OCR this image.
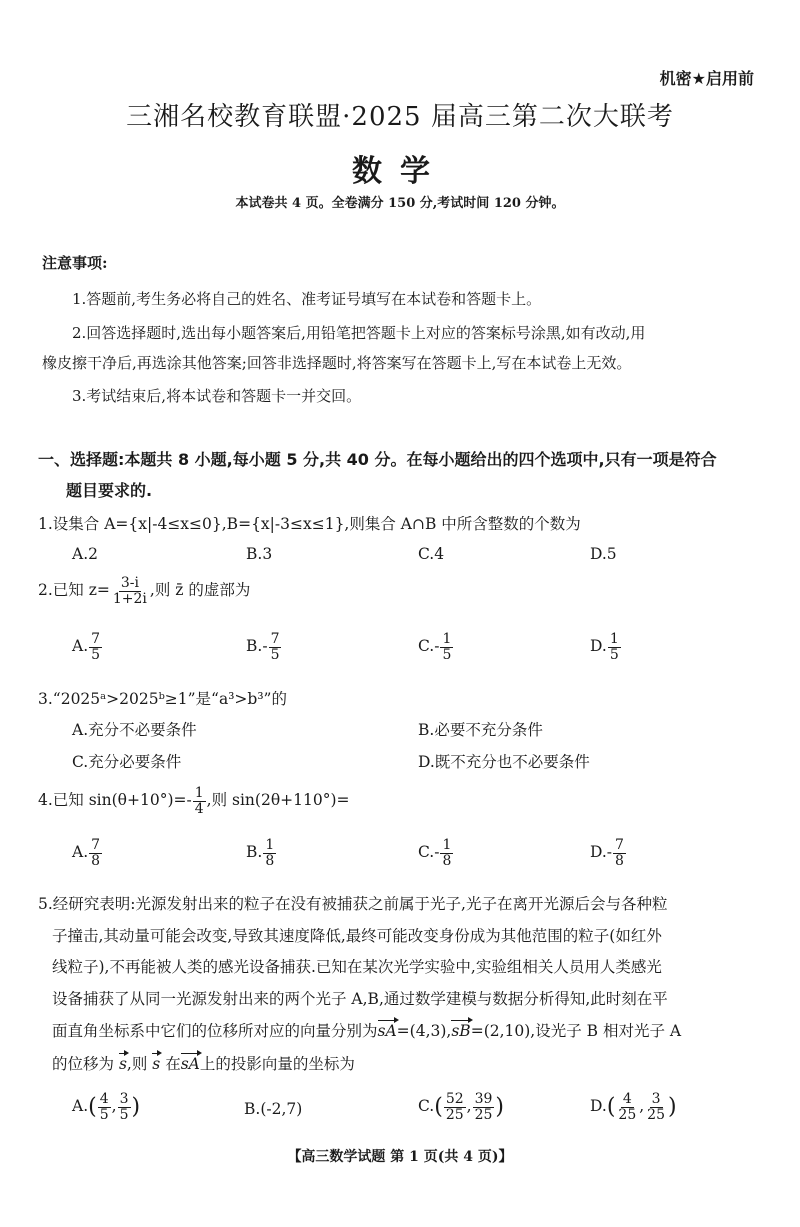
机密★启用前
三湘名校教育联盟·2025 届高三第二次大联考
数学
本试卷共 4 页。全卷满分 150 分,考试时间 120 分钟。
注意事项:
1.答题前,考生务必将自己的姓名、准考证号填写在本试卷和答题卡上。
2.回答选择题时,选出每小题答案后,用铅笔把答题卡上对应的答案标号涂黑,如有改动,用
橡皮擦干净后,再选涂其他答案;回答非选择题时,将答案写在答题卡上,写在本试卷上无效。
3.考试结束后,将本试卷和答题卡一并交回。
一、选择题:本题共 8 小题,每小题 5 分,共 40 分。在每小题给出的四个选项中,只有一项是符合
题目要求的.
1.设集合 A={x|-4≤x≤0},B={x|-3≤x≤1},则集合 A∩B 中所含整数的个数为
A.2	B.3	C.4	D.5
2.已知 $z= \frac{3-i}{1+2i}$ ,则 z̄ 的虚部为
A. $\frac{7}{5}$	$B.- \frac{7}{5}$	$C.- \frac{1}{5}$	D. $\frac{1}{5}$
3.“2025ᵃ>2025ᵇ≥1”是“a³>b³”的
A.充分不必要条件	B.必要不充分条件
C.充分必要条件	D.既不充分也不必要条件
4.已知 $\sin(\theta+10^\circ)=- \frac{1}{4}$ ,则 sin(2θ+110°)=
A. $\frac{7}{8}$	B. $\frac{1}{8}$	$C.- \frac{1}{8}$	$D.- \frac{7}{8}$
5.经研究表明:光源发射出来的粒子在没有被捕获之前属于光子,光子在离开光源后会与各种粒
子撞击,其动量可能会改变,导致其速度降低,最终可能改变身份成为其他范围的粒子(如红外
线粒子),不再能被人类的感光设备捕获.已知在某次光学实验中,实验组相关人员用人类感光
设备捕获了从同一光源发射出来的两个光子 A,B,通过数学建模与数据分析得知,此时刻在平
面直角坐标系中它们的位移所对应的向量分别为sA=(4,3),sB=(2,10),设光子 B 相对光子 A
的位移为 s,则 s 在sA上的投影向量的坐标为
$A.( \frac{4}{5}$ , $\frac{3}{5}$ )	B.(-2,7)	$C.( \frac{52}{25}$ , $\frac{39}{25}$ )	$D.( \frac{4}{25}$ , $\frac{3}{25}$ )
【高三数学试题 第 1 页(共 4 页)】
